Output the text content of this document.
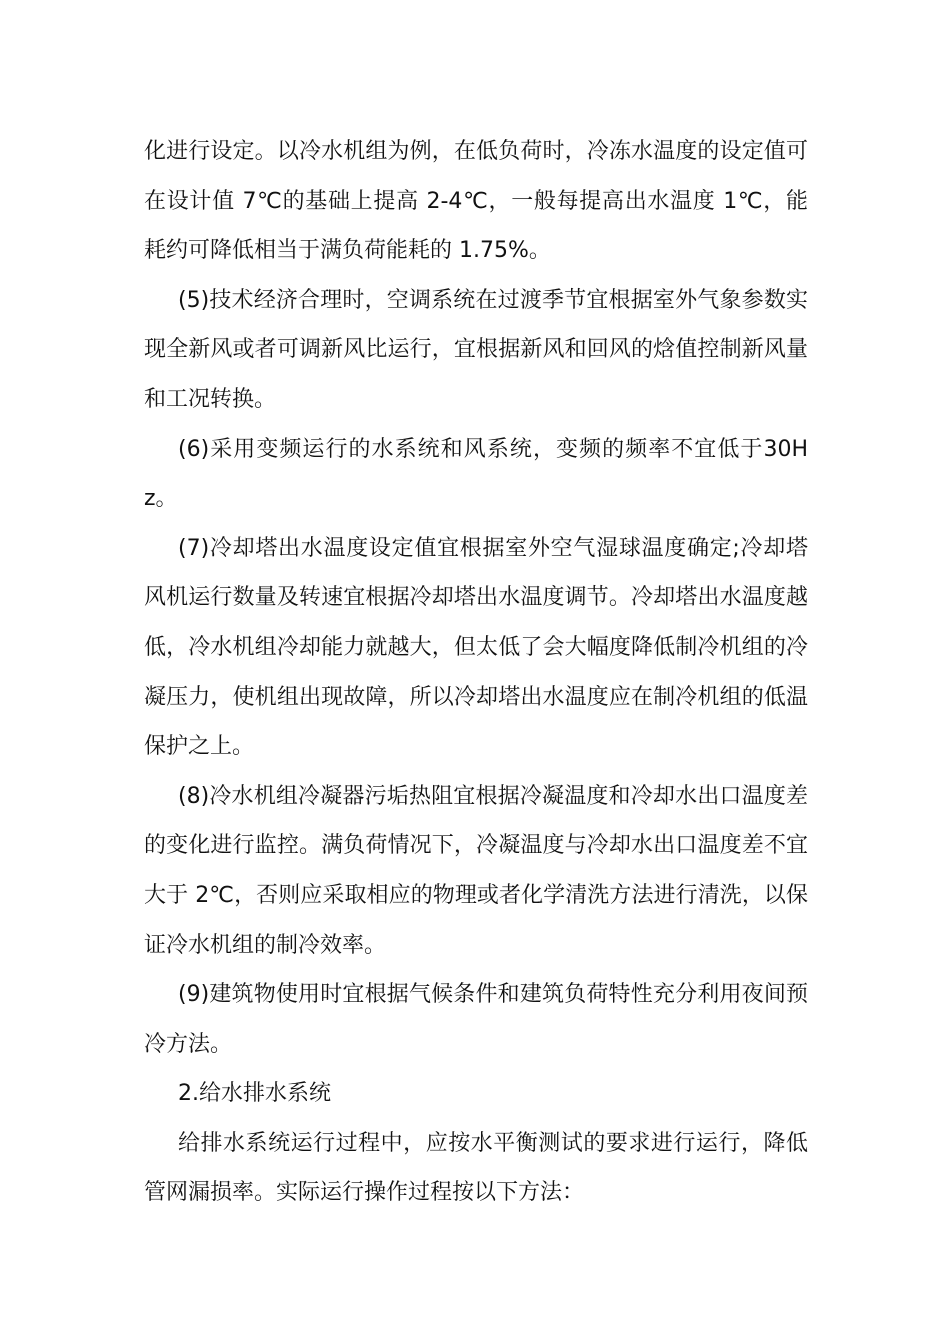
化进行设定。以冷水机组为例，在低负荷时，冷冻水温度的设定值可在设计值 7℃的基础上提高 2-4℃，一般每提高出水温度 1℃，能耗约可降低相当于满负荷能耗的 1.75%。

(5)技术经济合理时，空调系统在过渡季节宜根据室外气象参数实现全新风或者可调新风比运行，宜根据新风和回风的焓值控制新风量和工况转换。

(6)采用变频运行的水系统和风系统，变频的频率不宜低于30Hz。

(7)冷却塔出水温度设定值宜根据室外空气湿球温度确定;冷却塔风机运行数量及转速宜根据冷却塔出水温度调节。冷却塔出水温度越低，冷水机组冷却能力就越大，但太低了会大幅度降低制冷机组的冷凝压力，使机组出现故障，所以冷却塔出水温度应在制冷机组的低温保护之上。

(8)冷水机组冷凝器污垢热阻宜根据冷凝温度和冷却水出口温度差的变化进行监控。满负荷情况下，冷凝温度与冷却水出口温度差不宜大于 2℃，否则应采取相应的物理或者化学清洗方法进行清洗，以保证冷水机组的制冷效率。

(9)建筑物使用时宜根据气候条件和建筑负荷特性充分利用夜间预冷方法。

2.给水排水系统

给排水系统运行过程中，应按水平衡测试的要求进行运行，降低管网漏损率。实际运行操作过程按以下方法：
